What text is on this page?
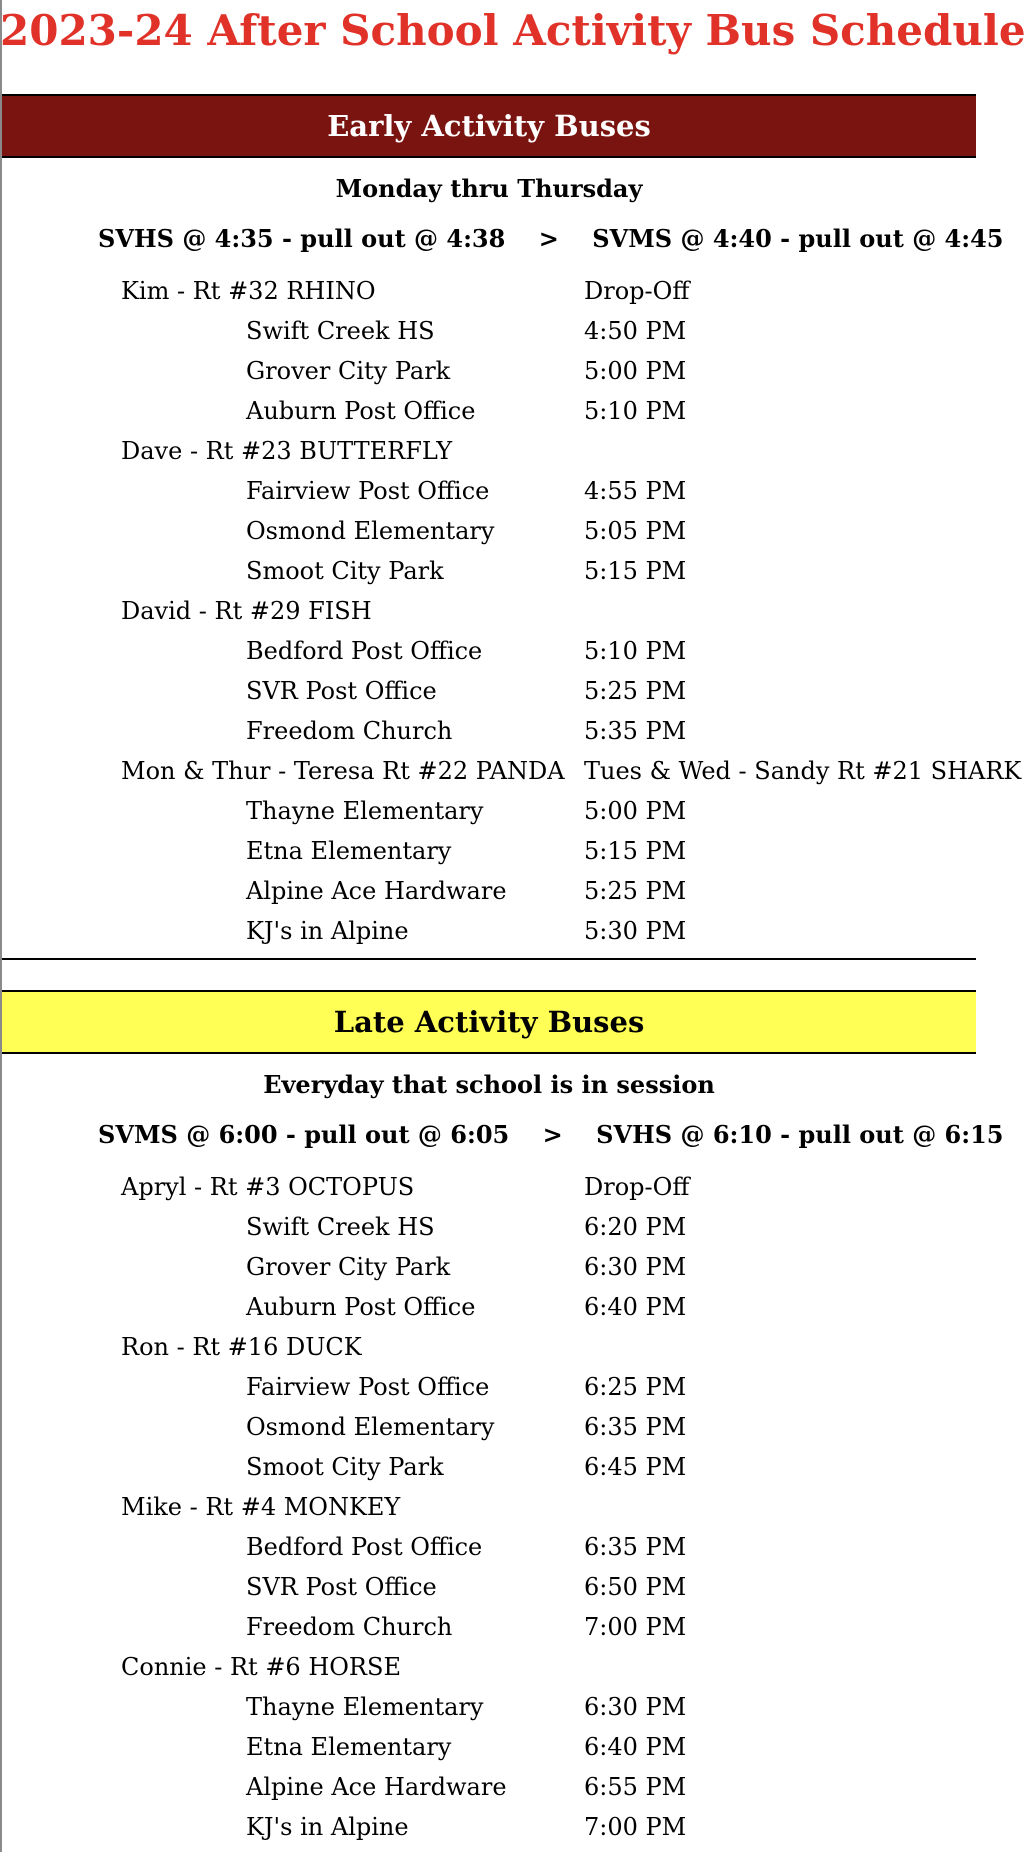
2023-24 After School Activity Bus Schedule
Early Activity Buses
Monday thru Thursday
SVHS @ 4:35 - pull out @ 4:38    >    SVMS @ 4:40 - pull out @ 4:45
Kim - Rt #32 RHINO	Drop-Off
Swift Creek HS	4:50 PM
Grover City Park	5:00 PM
Auburn Post Office	5:10 PM
Dave - Rt #23 BUTTERFLY
Fairview Post Office	4:55 PM
Osmond Elementary	5:05 PM
Smoot City Park	5:15 PM
David - Rt #29 FISH
Bedford Post Office	5:10 PM
SVR Post Office	5:25 PM
Freedom Church	5:35 PM
Mon & Thur - Teresa Rt #22 PANDA Tues & Wed - Sandy Rt #21 SHARK
Thayne Elementary	5:00 PM
Etna Elementary	5:15 PM
Alpine Ace Hardware	5:25 PM
KJ's in Alpine	5:30 PM
Late Activity Buses
Everyday that school is in session
SVMS @ 6:00 - pull out @ 6:05    >    SVHS @ 6:10 - pull out @ 6:15
Apryl - Rt #3 OCTOPUS	Drop-Off
Swift Creek HS	6:20 PM
Grover City Park	6:30 PM
Auburn Post Office	6:40 PM
Ron - Rt #16 DUCK
Fairview Post Office	6:25 PM
Osmond Elementary	6:35 PM
Smoot City Park	6:45 PM
Mike - Rt #4 MONKEY
Bedford Post Office	6:35 PM
SVR Post Office	6:50 PM
Freedom Church	7:00 PM
Connie - Rt #6 HORSE
Thayne Elementary	6:30 PM
Etna Elementary	6:40 PM
Alpine Ace Hardware	6:55 PM
KJ's in Alpine	7:00 PM
